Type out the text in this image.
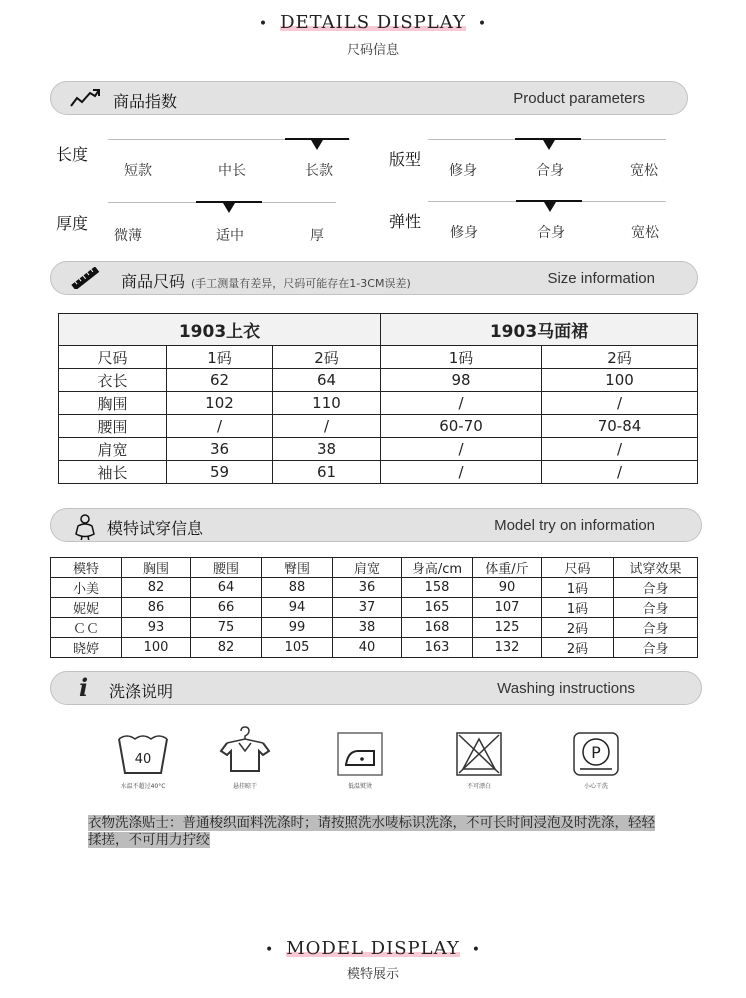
• DETAILS DISPLAY •
尺码信息
商品指数	Product parameters
长度
短款	中长	长款
版型
修身	合身	宽松
厚度
微薄	适中	厚
弹性
修身	合身	宽松
商品尺码 (手工测量有差异，尺码可能存在1-3CM误差)	Size information
1903上衣			1903马面裙	
尺码	1码	2码	1码	2码
衣长	62	64	98	100
胸围	102	110	/	/
腰围	/	/	60-70	70-84
肩宽	36	38	/	/
袖长	59	61	/	/
模特试穿信息	Model try on information
模特	胸围	腰围	臀围	肩宽	身高/cm	体重/斤	尺码	试穿效果
小美	82	64	88	36	158	90	1码	合身
妮妮	86	66	94	37	165	107	1码	合身
ＣＣ	93	75	99	38	168	125	2码	合身
晓婷	100	82	105	40	163	132	2码	合身
i	洗涤说明	Washing instructions
40
水温不超过40°C	悬挂晾干	低温熨烫	不可漂白
P
小心干洗
衣物洗涤贴士：普通梭织面料洗涤时；请按照洗水唛标识洗涤，不可长时间浸泡及时洗涤，轻轻揉搓，不可用力拧绞
• MODEL DISPLAY •
模特展示
